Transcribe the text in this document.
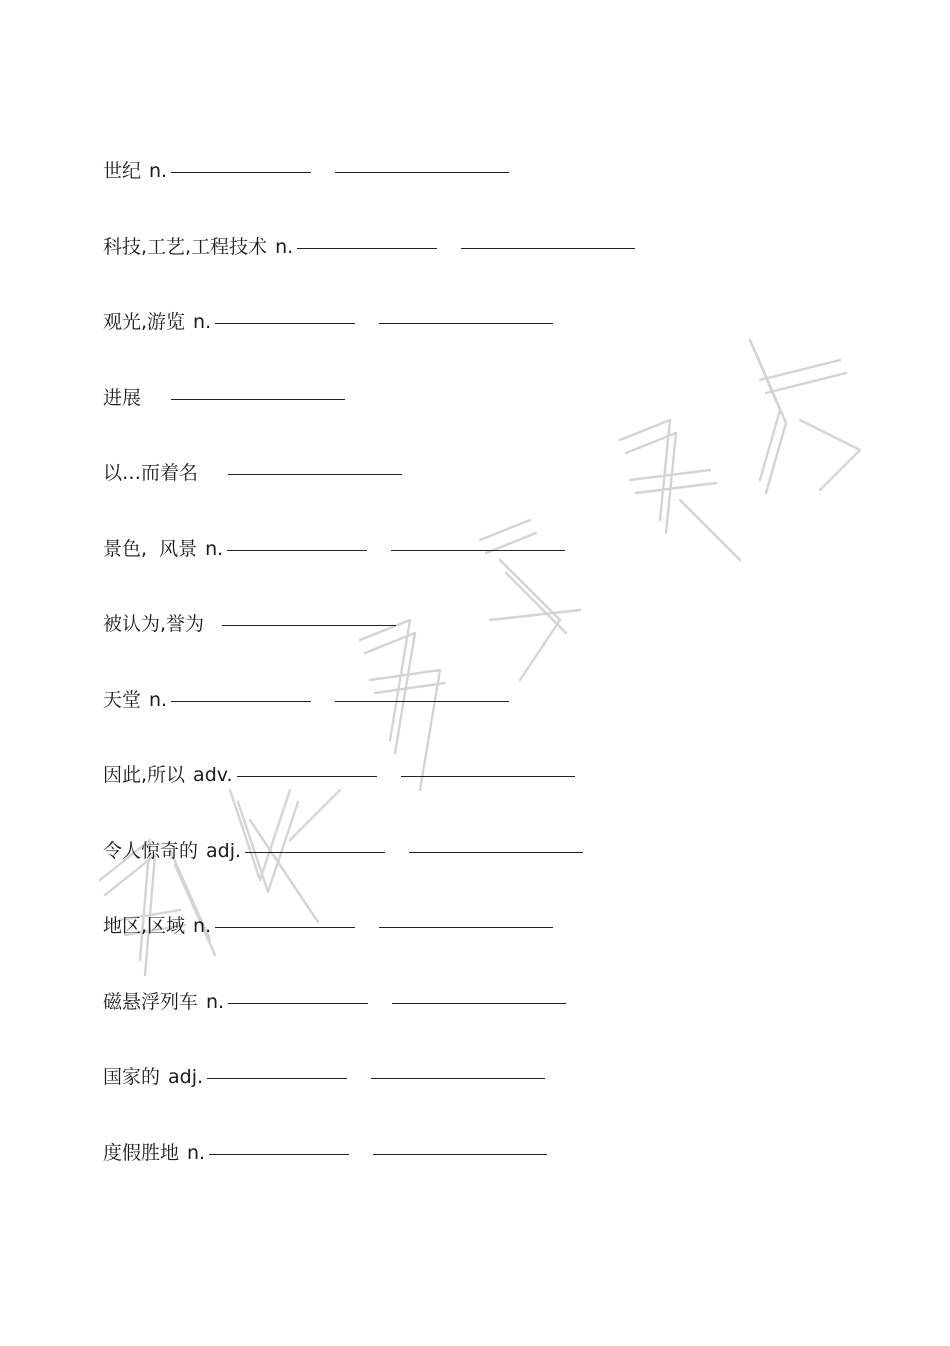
世纪 n.
科技,工艺,工程技术 n.
观光,游览 n.
进展
以…而着名
景色,  风景 n.
被认为,誉为
天堂 n.
因此,所以 adv.
令人惊奇的 adj.
地区,区域 n.
磁悬浮列车 n.
国家的 adj.
度假胜地 n.
